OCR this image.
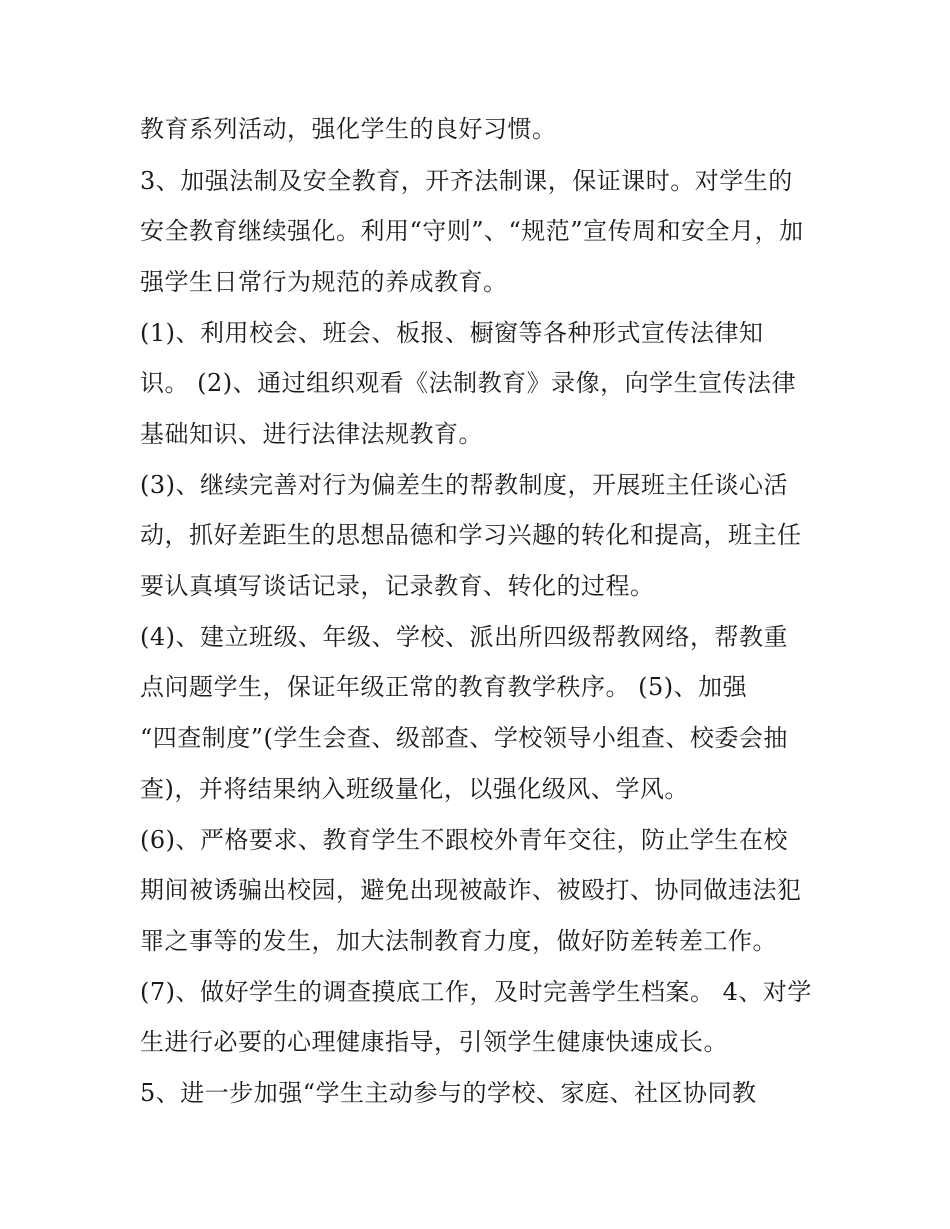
教育系列活动，强化学生的良好习惯。
3、加强法制及安全教育，开齐法制课，保证课时。对学生的
安全教育继续强化。利用“守则”、“规范”宣传周和安全月，加
强学生日常行为规范的养成教育。
(1)、利用校会、班会、板报、橱窗等各种形式宣传法律知
识。 (2)、通过组织观看《法制教育》录像，向学生宣传法律
基础知识、进行法律法规教育。
(3)、继续完善对行为偏差生的帮教制度，开展班主任谈心活
动，抓好差距生的思想品德和学习兴趣的转化和提高，班主任
要认真填写谈话记录，记录教育、转化的过程。
(4)、建立班级、年级、学校、派出所四级帮教网络，帮教重
点问题学生，保证年级正常的教育教学秩序。 (5)、加强
“四查制度”(学生会查、级部查、学校领导小组查、校委会抽
查)，并将结果纳入班级量化，以强化级风、学风。
(6)、严格要求、教育学生不跟校外青年交往，防止学生在校
期间被诱骗出校园，避免出现被敲诈、被殴打、协同做违法犯
罪之事等的发生，加大法制教育力度，做好防差转差工作。
(7)、做好学生的调查摸底工作，及时完善学生档案。 4、对学
生进行必要的心理健康指导，引领学生健康快速成长。
5、进一步加强“学生主动参与的学校、家庭、社区协同教
